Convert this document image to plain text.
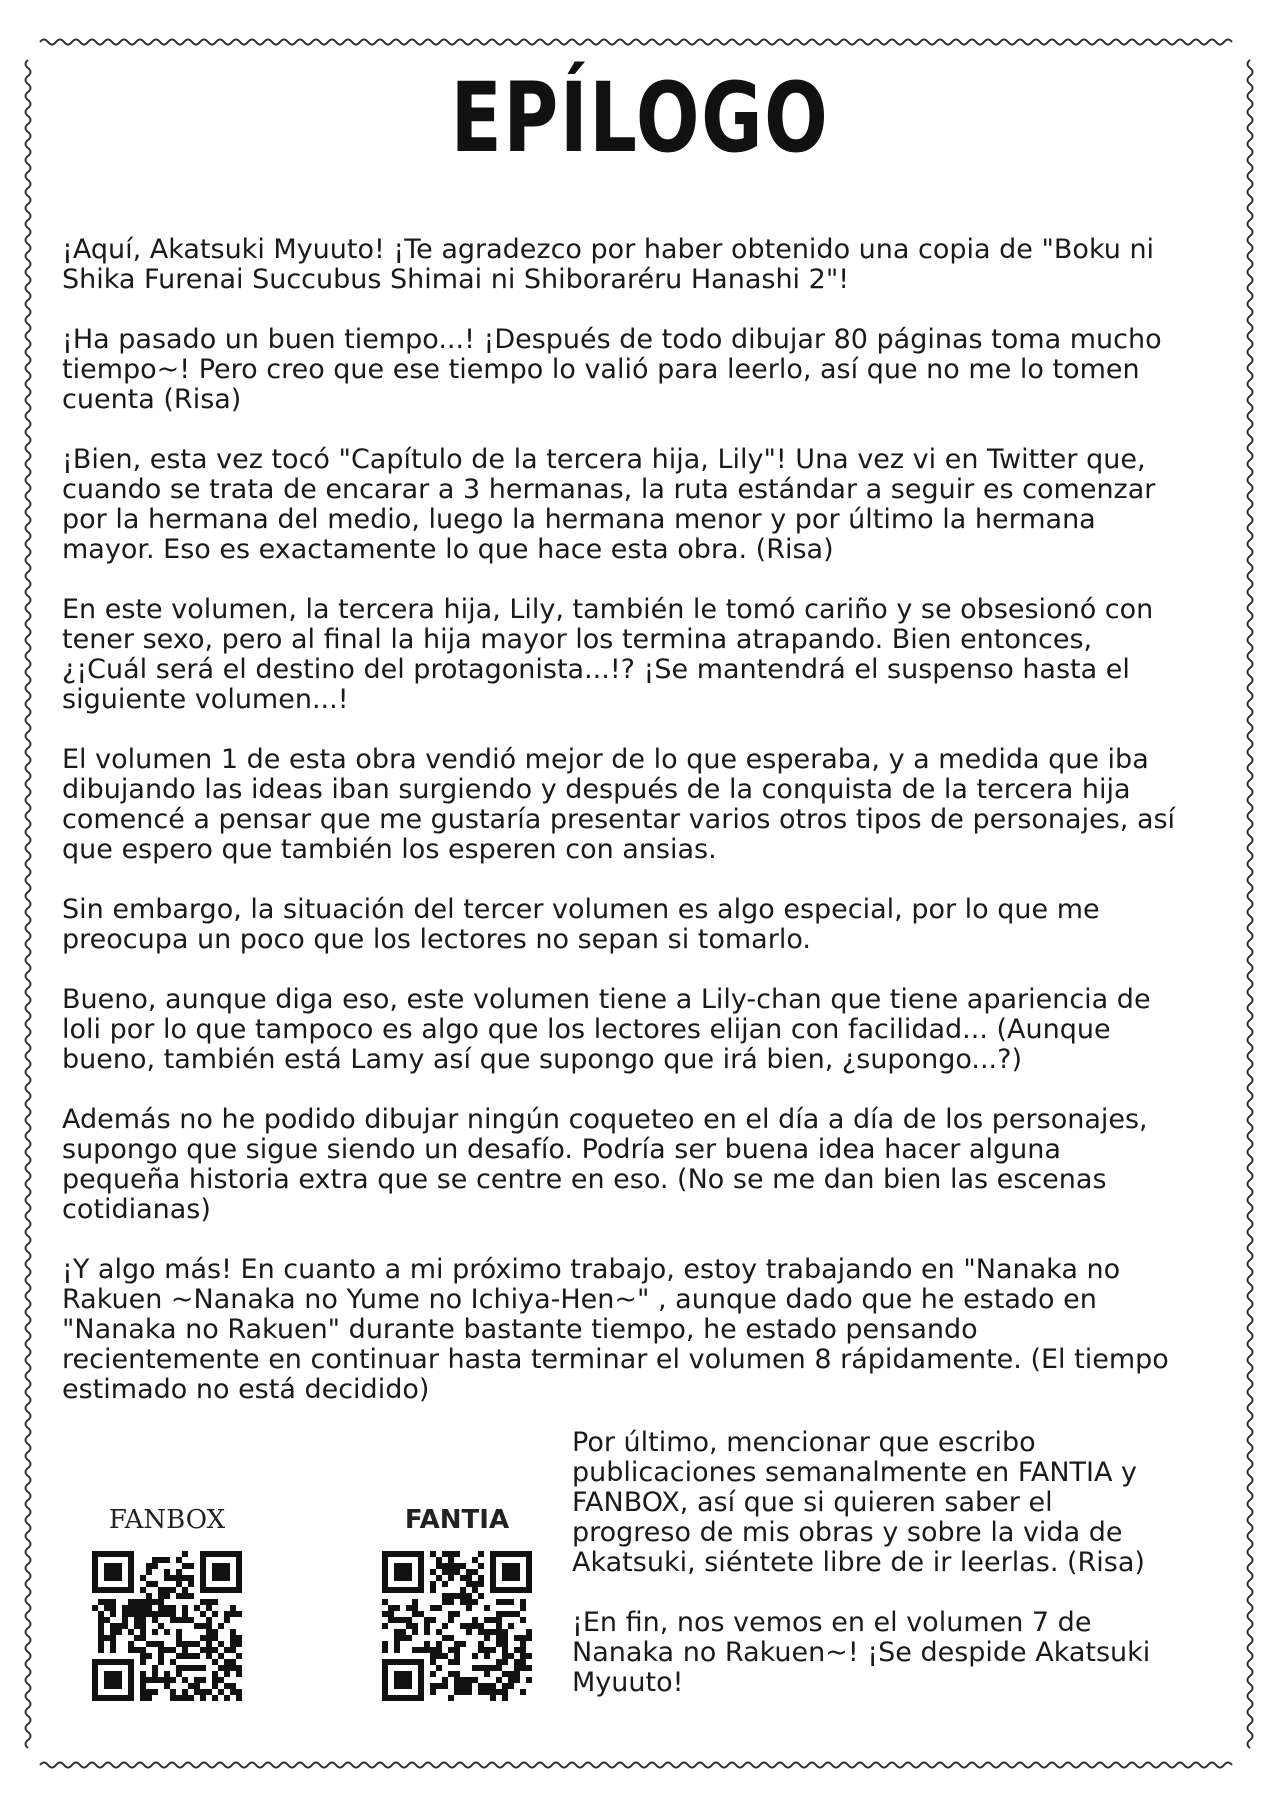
EPÍLOGO

¡Aquí, Akatsuki Myuuto! ¡Te agradezco por haber obtenido una copia de "Boku ni Shika Furenai Succubus Shimai ni Shiboraréru Hanashi 2"!

¡Ha pasado un buen tiempo...! ¡Después de todo dibujar 80 páginas toma mucho tiempo~! Pero creo que ese tiempo lo valió para leerlo, así que no me lo tomen cuenta (Risa)

¡Bien, esta vez tocó "Capítulo de la tercera hija, Lily"! Una vez vi en Twitter que, cuando se trata de encarar a 3 hermanas, la ruta estándar a seguir es comenzar por la hermana del medio, luego la hermana menor y por último la hermana mayor. Eso es exactamente lo que hace esta obra. (Risa)

En este volumen, la tercera hija, Lily, también le tomó cariño y se obsesionó con tener sexo, pero al final la hija mayor los termina atrapando. Bien entonces, ¿¡Cuál será el destino del protagonista...!? ¡Se mantendrá el suspenso hasta el siguiente volumen...!

El volumen 1 de esta obra vendió mejor de lo que esperaba, y a medida que iba dibujando las ideas iban surgiendo y después de la conquista de la tercera hija comencé a pensar que me gustaría presentar varios otros tipos de personajes, así que espero que también los esperen con ansias.

Sin embargo, la situación del tercer volumen es algo especial, por lo que me preocupa un poco que los lectores no sepan si tomarlo.

Bueno, aunque diga eso, este volumen tiene a Lily-chan que tiene apariencia de loli por lo que tampoco es algo que los lectores elijan con facilidad... (Aunque bueno, también está Lamy así que supongo que irá bien, ¿supongo...?)

Además no he podido dibujar ningún coqueteo en el día a día de los personajes, supongo que sigue siendo un desafío. Podría ser buena idea hacer alguna pequeña historia extra que se centre en eso. (No se me dan bien las escenas cotidianas)

¡Y algo más! En cuanto a mi próximo trabajo, estoy trabajando en "Nanaka no Rakuen ~Nanaka no Yume no Ichiya-Hen~" , aunque dado que he estado en "Nanaka no Rakuen" durante bastante tiempo, he estado pensando recientemente en continuar hasta terminar el volumen 8 rápidamente. (El tiempo estimado no está decidido)

FANBOX	FANTIA

Por último, mencionar que escribo publicaciones semanalmente en FANTIA y FANBOX, así que si quieren saber el progreso de mis obras y sobre la vida de Akatsuki, siéntete libre de ir leerlas. (Risa)

¡En fin, nos vemos en el volumen 7 de Nanaka no Rakuen~! ¡Se despide Akatsuki Myuuto!
